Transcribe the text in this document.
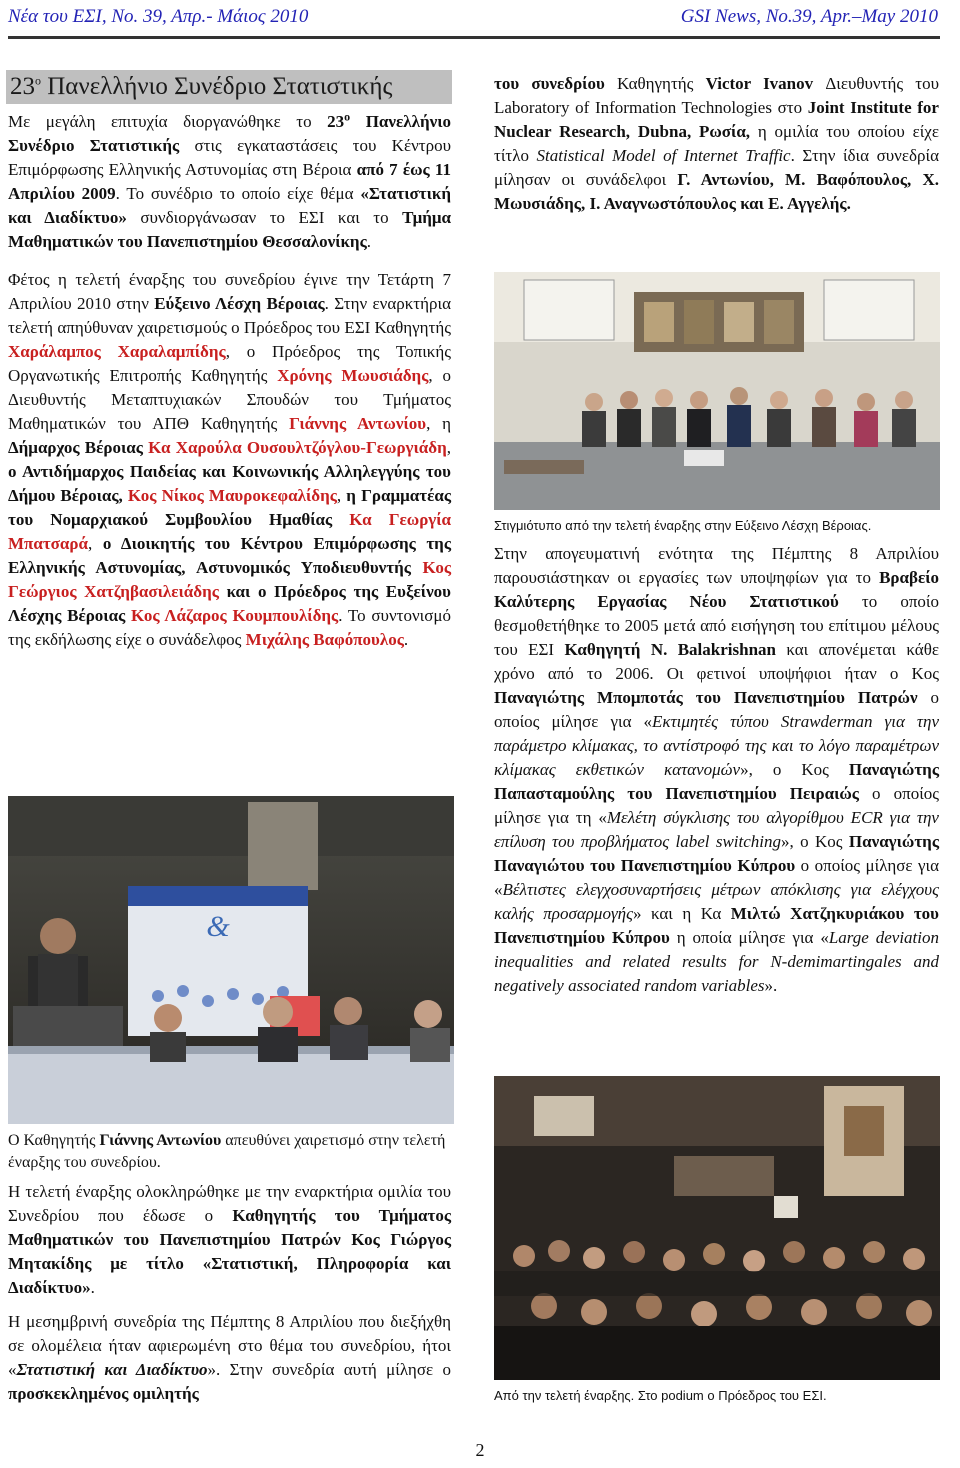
Νέα του ΕΣΙ, Νο. 39, Απρ.- Μάιος 2010	GSI News, No.39, Apr.–May 2010
$23^o$ Πανελλήνιο Συνέδριο Στατιστικής

Με μεγάλη επιτυχία διοργανώθηκε το $23^o$ Πανελλήνιο Συνέδριο Στατιστικής στις εγκαταστάσεις του Κέντρου Επιμόρφωσης Ελληνικής Αστυνομίας στη Βέροια από 7 έως 11 Απριλίου 2009. Το συνέδριο το οποίο είχε θέμα «Στατιστική και Διαδίκτυο» συνδιοργάνωσαν το ΕΣΙ και το Τμήμα Μαθηματικών του Πανεπιστημίου Θεσσαλονίκης.

Φέτος η τελετή έναρξης του συνεδρίου έγινε την Τετάρτη 7 Απριλίου 2010 στην Εύξεινο Λέσχη Βέροιας. Στην εναρκτήρια τελετή απηύθυναν χαιρετισμούς ο Πρόεδρος του ΕΣΙ Καθηγητής Χαράλαμπος Χαραλαμπίδης, ο Πρόεδρος της Τοπικής Οργανωτικής Επιτροπής Καθηγητής Χρόνης Μωυσιάδης, ο Διευθυντής Μεταπτυχιακών Σπουδών του Τμήματος Μαθηματικών του ΑΠΘ Καθηγητής Γιάννης Αντωνίου, η Δήμαρχος Βέροιας Κα Χαρούλα Ουσουλτζόγλου-Γεωργιάδη, ο Αντιδήμαρχος Παιδείας και Κοινωνικής Αλληλεγγύης του Δήμου Βέροιας, Κος Νίκος Μαυροκεφαλίδης, η Γραμματέας του Νομαρχιακού Συμβουλίου Ημαθίας Κα Γεωργία Μπατσαρά, ο Διοικητής του Κέντρου Επιμόρφωσης της Ελληνικής Αστυνομίας, Αστυνομικός Υποδιευθυντής Κος Γεώργιος Χατζηβασιλειάδης και ο Πρόεδρος της Ευξείνου Λέσχης Βέροιας Κος Λάζαρος Κουμπουλίδης. Το συντονισμό της εκδήλωσης είχε ο συνάδελφος Μιχάλης Βαφόπουλος.

&
Ο Καθηγητής Γιάννης Αντωνίου απευθύνει χαιρετισμό στην τελετή έναρξης του συνεδρίου.

Η τελετή έναρξης ολοκληρώθηκε με την εναρκτήρια ομιλία του Συνεδρίου που έδωσε ο Καθηγητής του Τμήματος Μαθηματικών του Πανεπιστημίου Πατρών Κος Γιώργος Μητακίδης με τίτλο «Στατιστική, Πληροφορία και Διαδίκτυο».

Η μεσημβρινή συνεδρία της Πέμπτης 8 Απριλίου που διεξήχθη σε ολομέλεια ήταν αφιερωμένη στο θέμα του συνεδρίου, ήτοι «Στατιστική και Διαδίκτυο». Στην συνεδρία αυτή μίλησε ο προσκεκλημένος ομιλητής

του συνεδρίου Καθηγητής Victor Ivanov Διευθυντής του Laboratory of Information Technologies στο Joint Institute for Nuclear Research, Dubna, Ρωσία, η ομιλία του οποίου είχε τίτλο Statistical Model of Internet Traffic. Στην ίδια συνεδρία μίλησαν οι συνάδελφοι Γ. Αντωνίου, Μ. Βαφόπουλος, Χ. Μωυσιάδης, Ι. Αναγνωστόπουλος και Ε. Αγγελής.

Στιγμιότυπο από την τελετή έναρξης στην Εύξεινο Λέσχη Βέροιας.

Στην απογευματινή ενότητα της Πέμπτης 8 Απριλίου παρουσιάστηκαν οι εργασίες των υποψηφίων για το Βραβείο Καλύτερης Εργασίας Νέου Στατιστικού το οποίο θεσμοθετήθηκε το 2005 μετά από εισήγηση του επίτιμου μέλους του ΕΣΙ Καθηγητή N. Balakrishnan και απονέμεται κάθε χρόνο από το 2006. Οι φετινοί υποψήφιοι ήταν ο Κος Παναγιώτης Μπομποτάς του Πανεπιστημίου Πατρών ο οποίος μίλησε για «Εκτιμητές τύπου Strawderman για την παράμετρο κλίμακας, το αντίστροφό της και το λόγο παραμέτρων κλίμακας εκθετικών κατανομών», ο Κος Παναγιώτης Παπασταμούλης του Πανεπιστημίου Πειραιώς ο οποίος μίλησε για τη «Μελέτη σύγκλισης του αλγορίθμου ECR για την επίλυση του προβλήματος label switching», ο Κος Παναγιώτης Παναγιώτου του Πανεπιστημίου Κύπρου ο οποίος μίλησε για «Βέλτιστες ελεγχοσυναρτήσεις μέτρων απόκλισης για ελέγχους καλής προσαρμογής» και η Κα Μιλτώ Χατζηκυριάκου του Πανεπιστημίου Κύπρου η οποία μίλησε για «Large deviation inequalities and related results for N-demimartingales and negatively associated random variables».

Από την τελετή έναρξης. Στο podium ο Πρόεδρος του ΕΣΙ.
2
